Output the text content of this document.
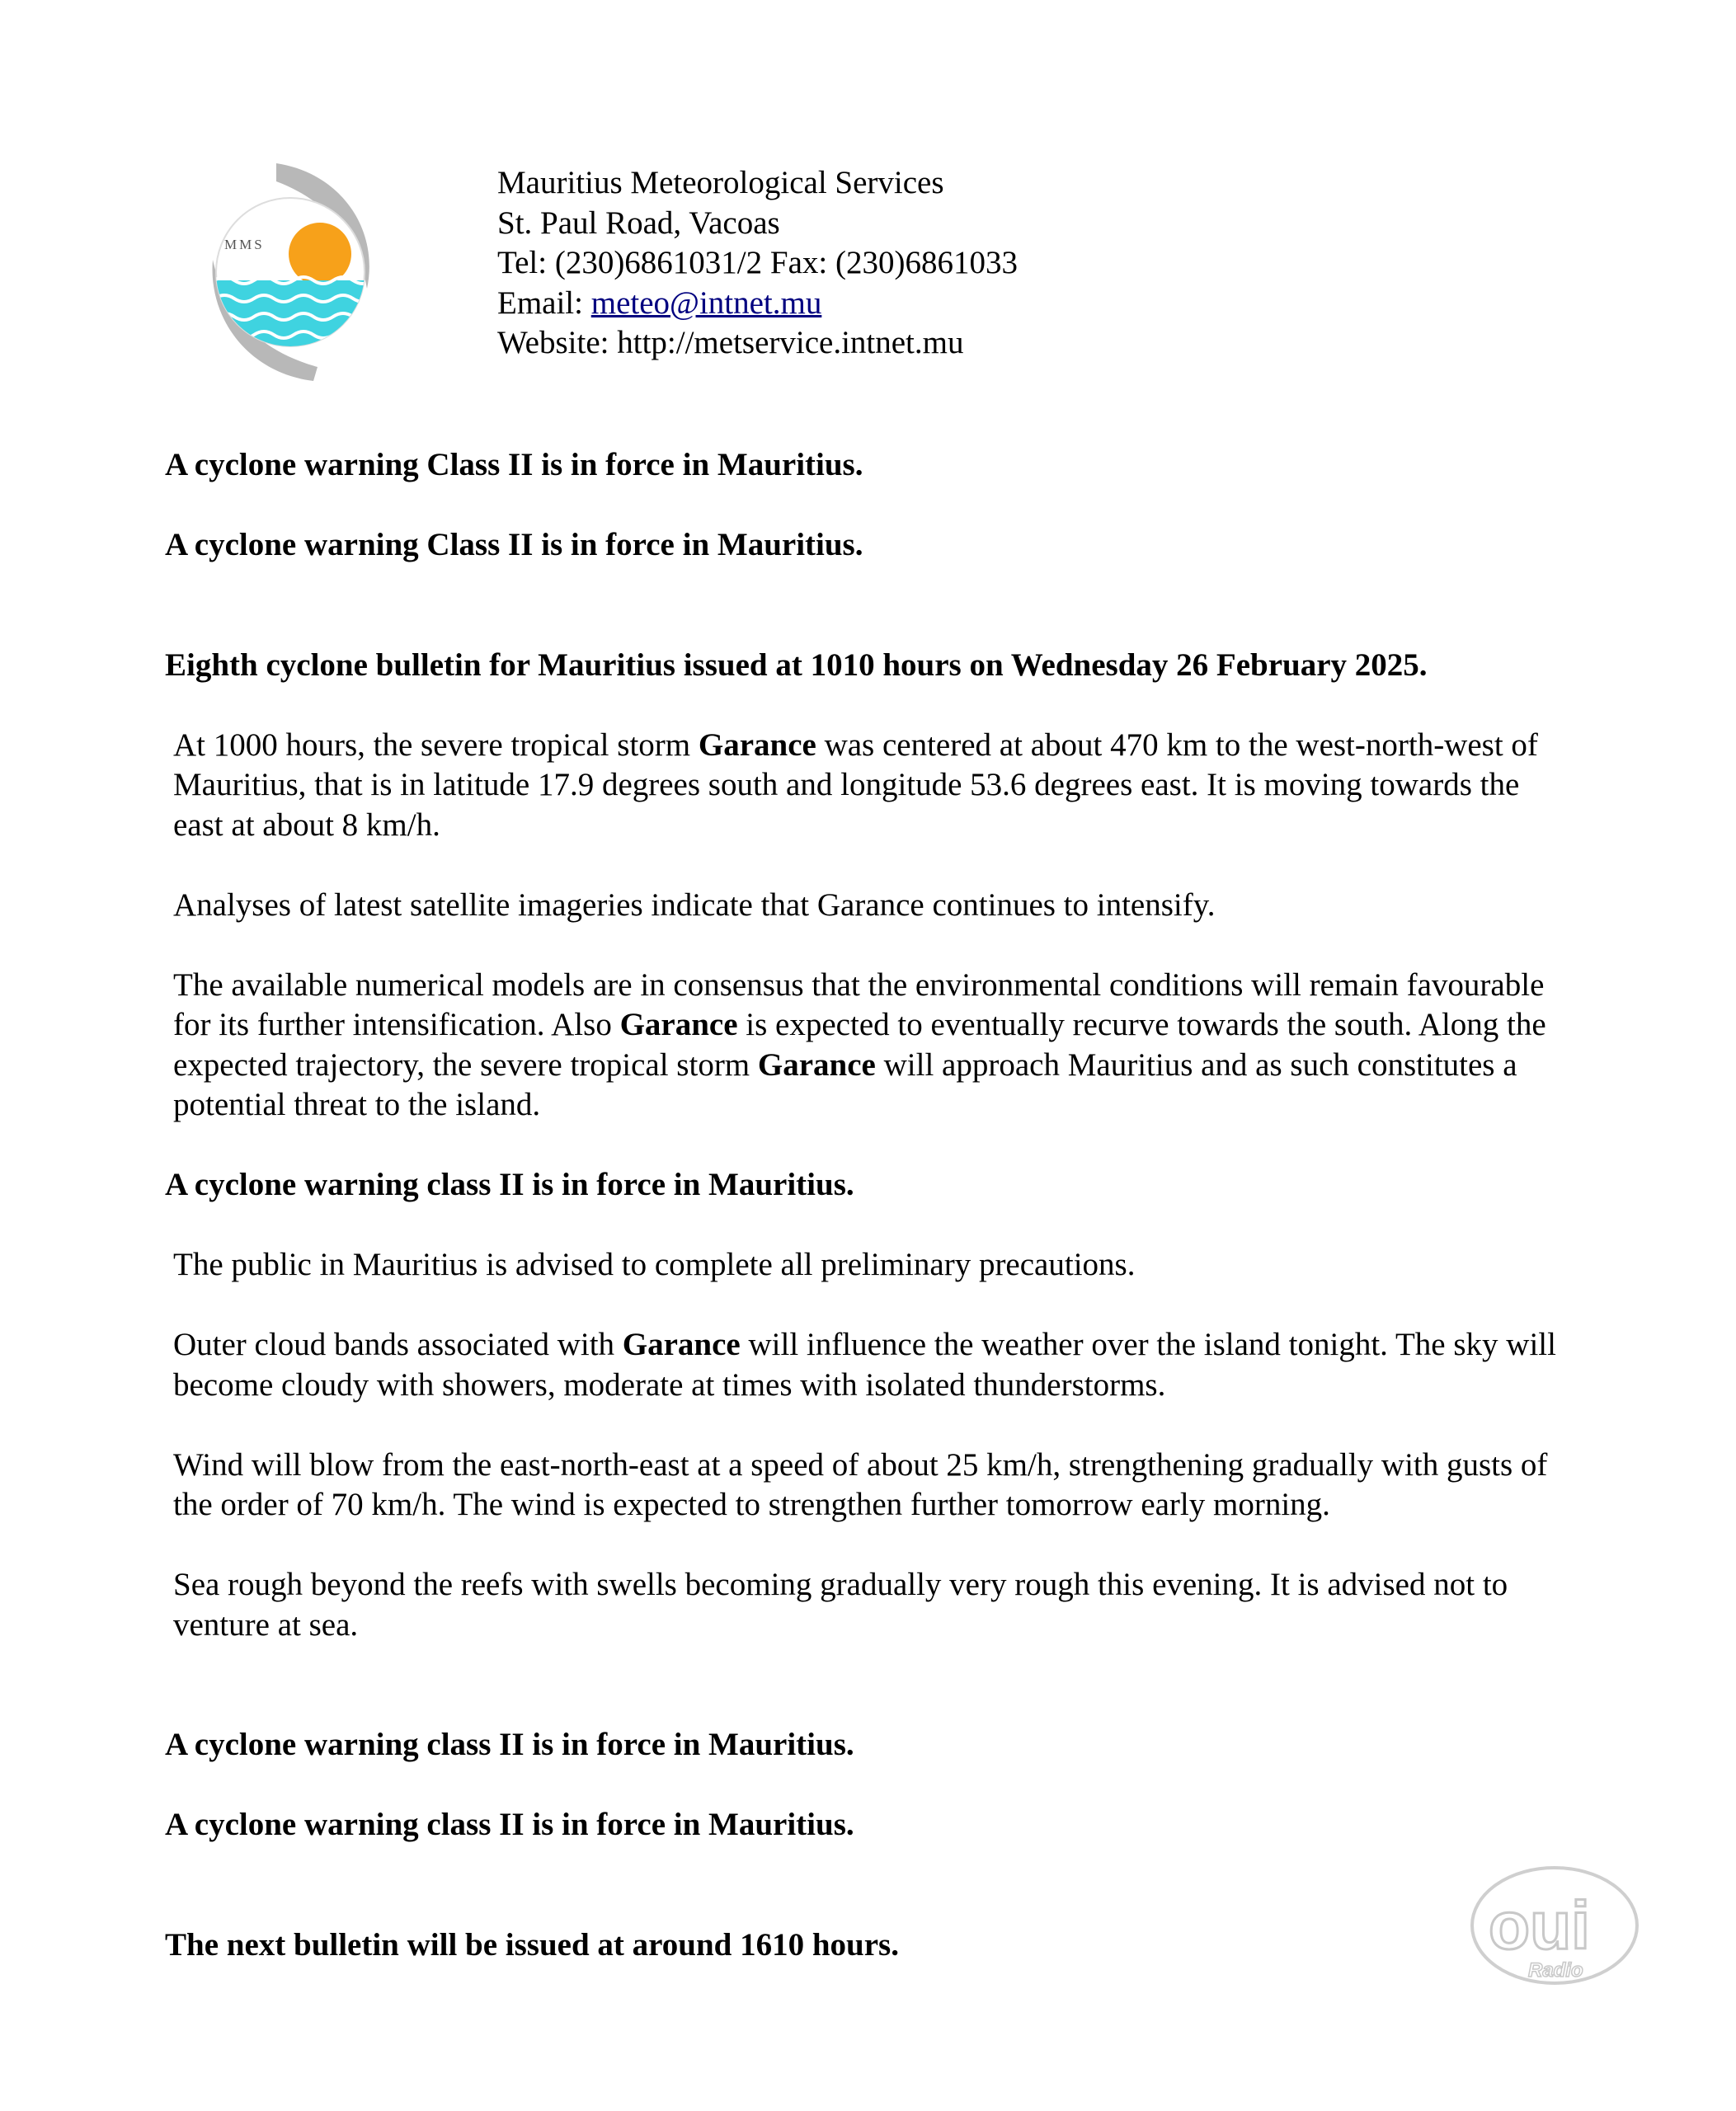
MMS
Mauritius Meteorological Services
St. Paul Road, Vacoas
Tel: (230)6861031/2 Fax: (230)6861033
Email: meteo@intnet.mu
Website: http://metservice.intnet.mu

A cyclone warning Class II is in force in Mauritius.

A cyclone warning Class II is in force in Mauritius.

Eighth cyclone bulletin for Mauritius issued at 1010 hours on Wednesday 26 February 2025.

At 1000 hours, the severe tropical storm Garance was centered at about 470 km to the west-north-west of Mauritius, that is in latitude 17.9 degrees south and longitude 53.6 degrees east. It is moving towards the east at about 8 km/h.

Analyses of latest satellite imageries indicate that Garance continues to intensify.

The available numerical models are in consensus that the environmental conditions will remain favourable for its further intensification. Also Garance is expected to eventually recurve towards the south. Along the expected trajectory, the severe tropical storm Garance will approach Mauritius and as such constitutes a potential threat to the island.

A cyclone warning class II is in force in Mauritius.

The public in Mauritius is advised to complete all preliminary precautions.

Outer cloud bands associated with Garance will influence the weather over the island tonight. The sky will become cloudy with showers, moderate at times with isolated thunderstorms.

Wind will blow from the east-north-east at a speed of about 25 km/h, strengthening gradually with gusts of the order of 70 km/h. The wind is expected to strengthen further tomorrow early morning.

Sea rough beyond the reefs with swells becoming gradually very rough this evening. It is advised not to venture at sea.

A cyclone warning class II is in force in Mauritius.

A cyclone warning class II is in force in Mauritius.

The next bulletin will be issued at around 1610 hours.	oui
Radio
